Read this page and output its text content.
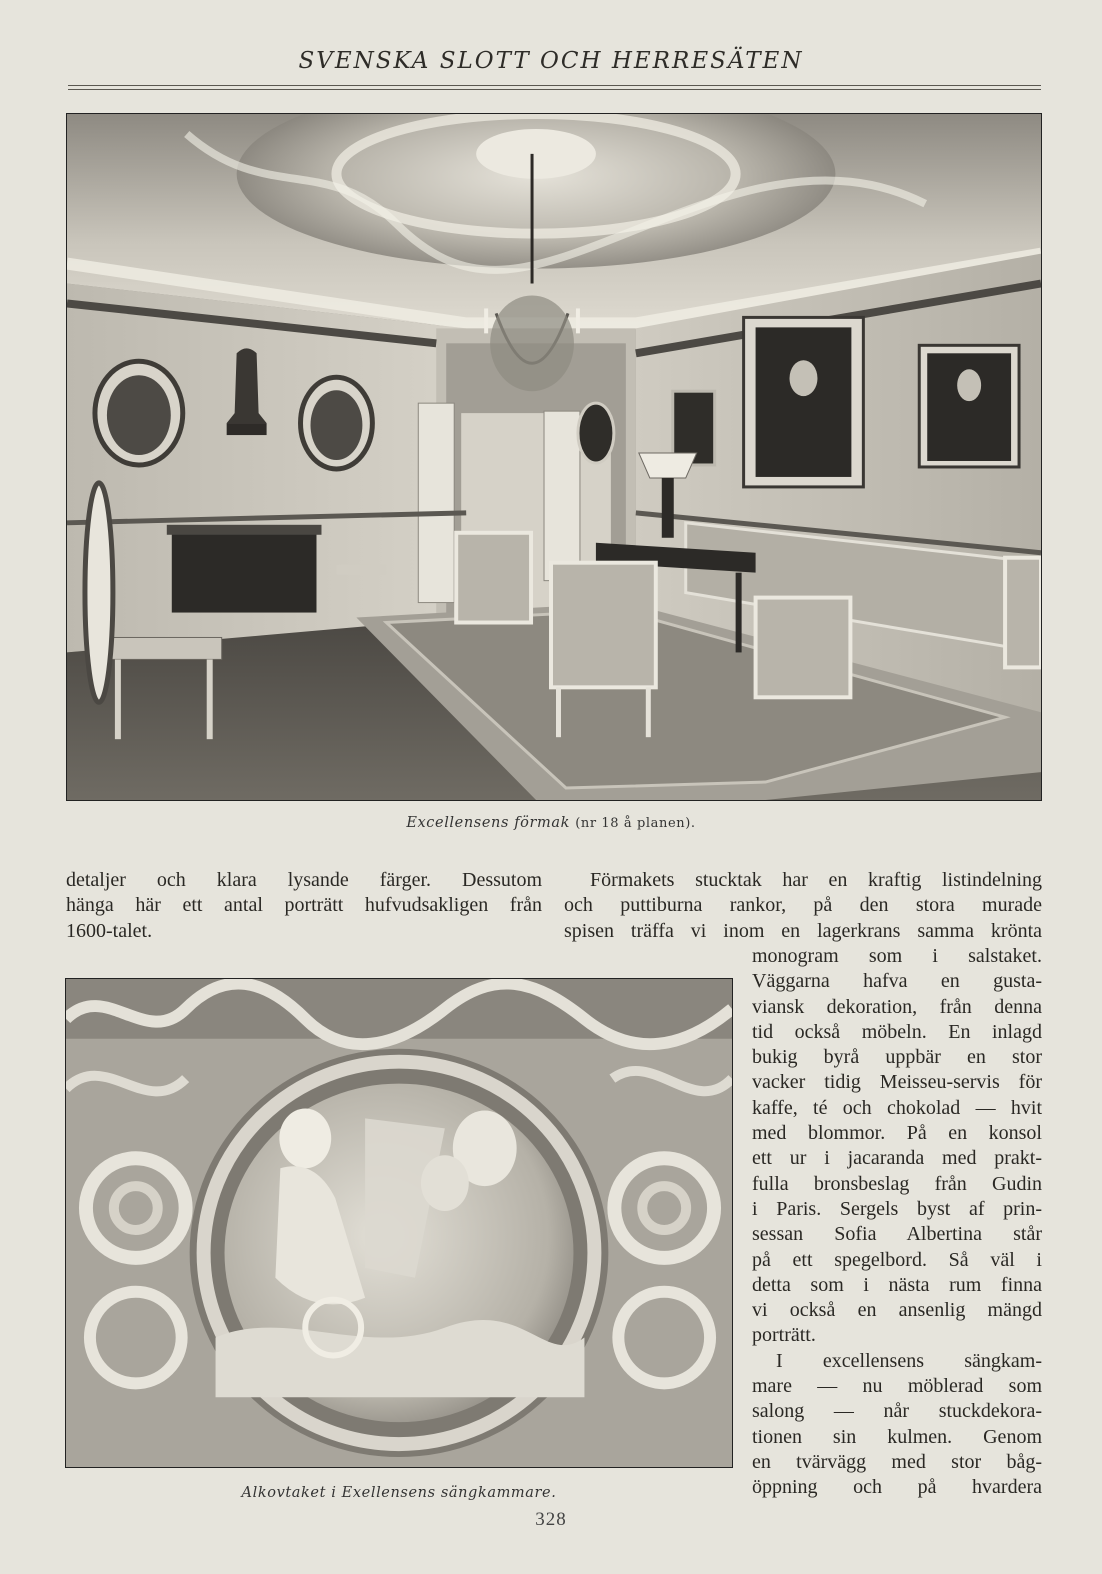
SVENSKA SLOTT OCH HERRESÄTEN
Excellensens förmak (nr 18 å planen).
detaljer och klara lysande färger. Dessutom
hänga här ett antal porträtt hufvudsakligen från
1600-talet.
Förmakets stucktak har en kraftig listindelning
och puttiburna rankor, på den stora murade
spisen träffa vi inom en lagerkrans samma krönta
monogram som i salstaket.
Väggarna hafva en gusta-
viansk dekoration, från denna
tid också möbeln. En inlagd
bukig byrå uppbär en stor
vacker tidig Meisseu-servis för
kaffe, té och chokolad — hvit
med blommor. På en konsol
ett ur i jacaranda med prakt-
fulla bronsbeslag från Gudin
i Paris. Sergels byst af prin-
sessan Sofia Albertina står
på ett spegelbord. Så väl i
detta som i nästa rum finna
vi också en ansenlig mängd
porträtt.
I excellensens sängkam-
mare — nu möblerad som
salong — når stuckdekora-
tionen sin kulmen. Genom
en tvärvägg med stor båg-
öppning och på hvardera
Alkovtaket i Exellensens sängkammare.
328
